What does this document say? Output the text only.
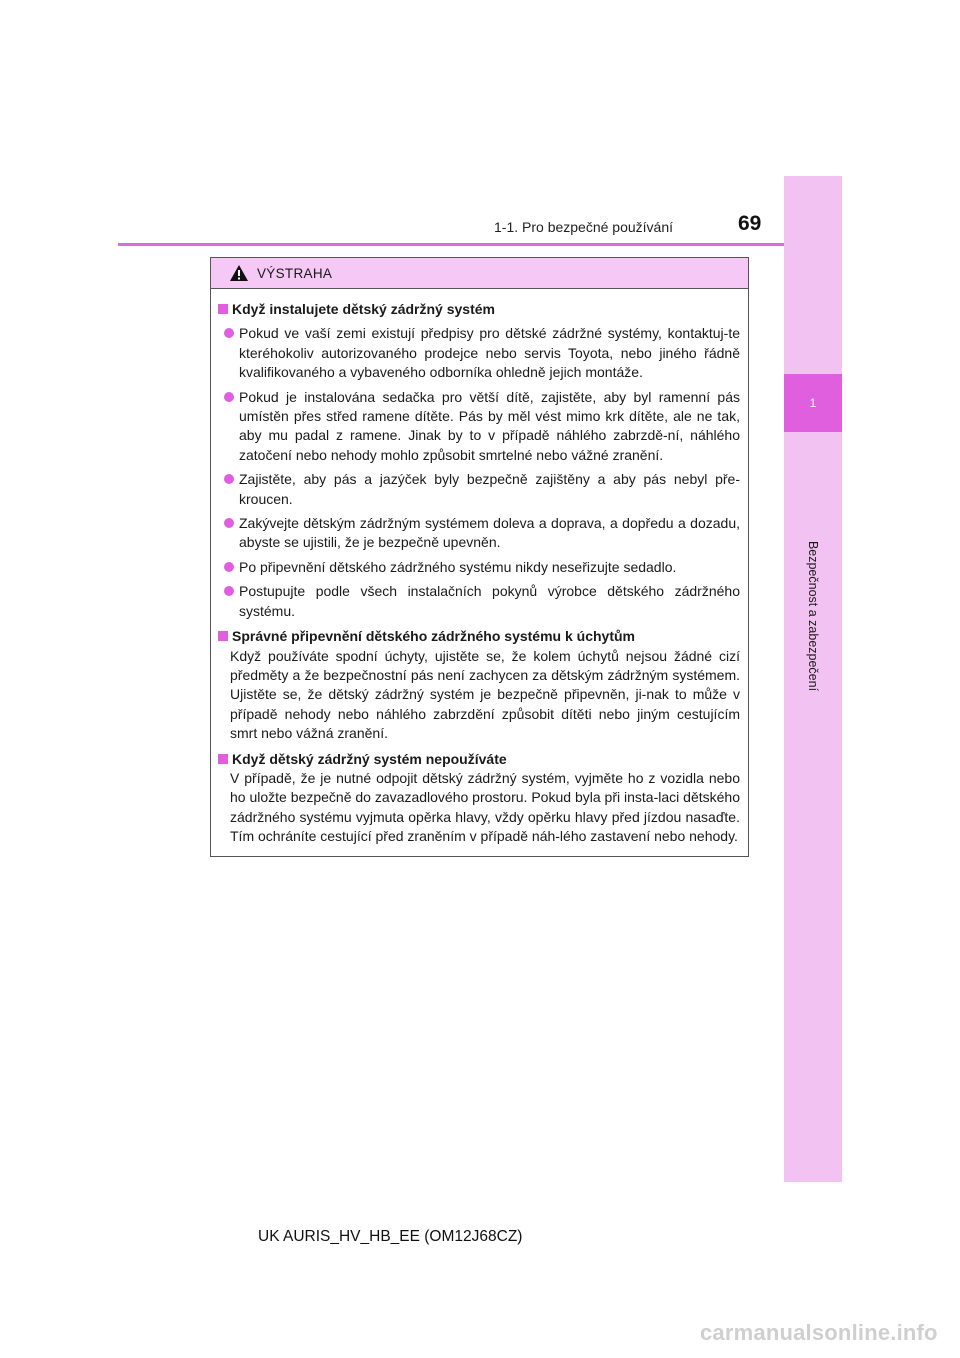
1
Bezpečnost a zabezpečení
1-1. Pro bezpečné používání	69
VÝSTRAHA
Když instalujete dětský zádržný systém
Pokud ve vaší zemi existují předpisy pro dětské zádržné systémy, kontaktuj-te kteréhokoliv autorizovaného prodejce nebo servis Toyota, nebo jiného řádně kvalifikovaného a vybaveného odborníka ohledně jejich montáže.
Pokud je instalována sedačka pro větší dítě, zajistěte, aby byl ramenní pás umístěn přes střed ramene dítěte. Pás by měl vést mimo krk dítěte, ale ne tak, aby mu padal z ramene. Jinak by to v případě náhlého zabrzdě-ní, náhlého zatočení nebo nehody mohlo způsobit smrtelné nebo vážné zranění.
Zajistěte, aby pás a jazýček byly bezpečně zajištěny a aby pás nebyl pře-kroucen.
Zakývejte dětským zádržným systémem doleva a doprava, a dopředu a dozadu, abyste se ujistili, že je bezpečně upevněn.
Po připevnění dětského zádržného systému nikdy neseřizujte sedadlo.
Postupujte podle všech instalačních pokynů výrobce dětského zádržného systému.
Správné připevnění dětského zádržného systému k úchytům
Když používáte spodní úchyty, ujistěte se, že kolem úchytů nejsou žádné cizí předměty a že bezpečnostní pás není zachycen za dětským zádržným systémem. Ujistěte se, že dětský zádržný systém je bezpečně připevněn, ji-nak to může v případě nehody nebo náhlého zabrzdění způsobit dítěti nebo jiným cestujícím smrt nebo vážná zranění.
Když dětský zádržný systém nepoužíváte
V případě, že je nutné odpojit dětský zádržný systém, vyjměte ho z vozidla nebo ho uložte bezpečně do zavazadlového prostoru. Pokud byla při insta-laci dětského zádržného systému vyjmuta opěrka hlavy, vždy opěrku hlavy před jízdou nasaďte. Tím ochráníte cestující před zraněním v případě náh-lého zastavení nebo nehody.
UK AURIS_HV_HB_EE (OM12J68CZ)
carmanualsonline.info
